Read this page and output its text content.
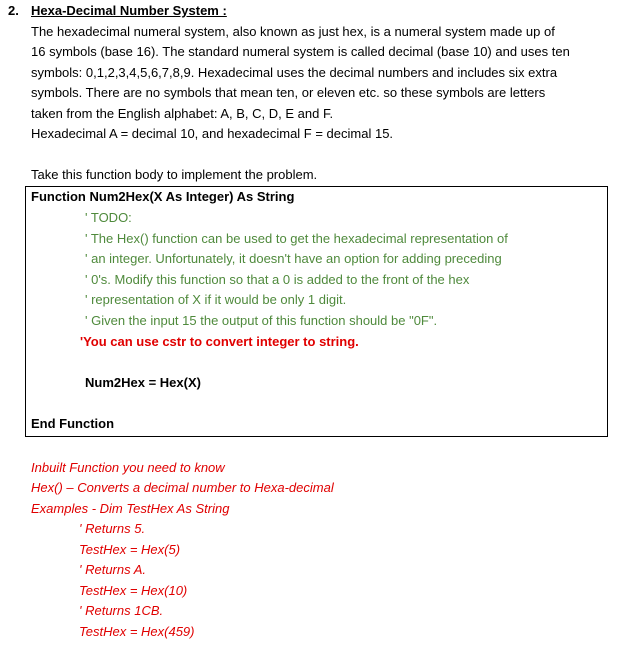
2. Hexa-Decimal Number System :
The hexadecimal numeral system, also known as just hex, is a numeral system made up of
16 symbols (base 16). The standard numeral system is called decimal (base 10) and uses ten
symbols: 0,1,2,3,4,5,6,7,8,9. Hexadecimal uses the decimal numbers and includes six extra
symbols. There are no symbols that mean ten, or eleven etc. so these symbols are letters
taken from the English alphabet: A, B, C, D, E and F.
Hexadecimal A = decimal 10, and hexadecimal F = decimal 15.
Take this function body to implement the problem.
Function Num2Hex(X As Integer) As String
' TODO:
' The Hex() function can be used to get the hexadecimal representation of
' an integer. Unfortunately, it doesn't have an option for adding preceding
' 0's. Modify this function so that a 0 is added to the front of the hex
' representation of X if it would be only 1 digit.
' Given the input 15 the output of this function should be "0F".
'You can use cstr to convert integer to string.
Num2Hex = Hex(X)
End Function
Inbuilt Function you need to know
Hex() – Converts a decimal number to Hexa-decimal
Examples - Dim TestHex As String
' Returns 5.
TestHex = Hex(5)
' Returns A.
TestHex = Hex(10)
' Returns 1CB.
TestHex = Hex(459)
